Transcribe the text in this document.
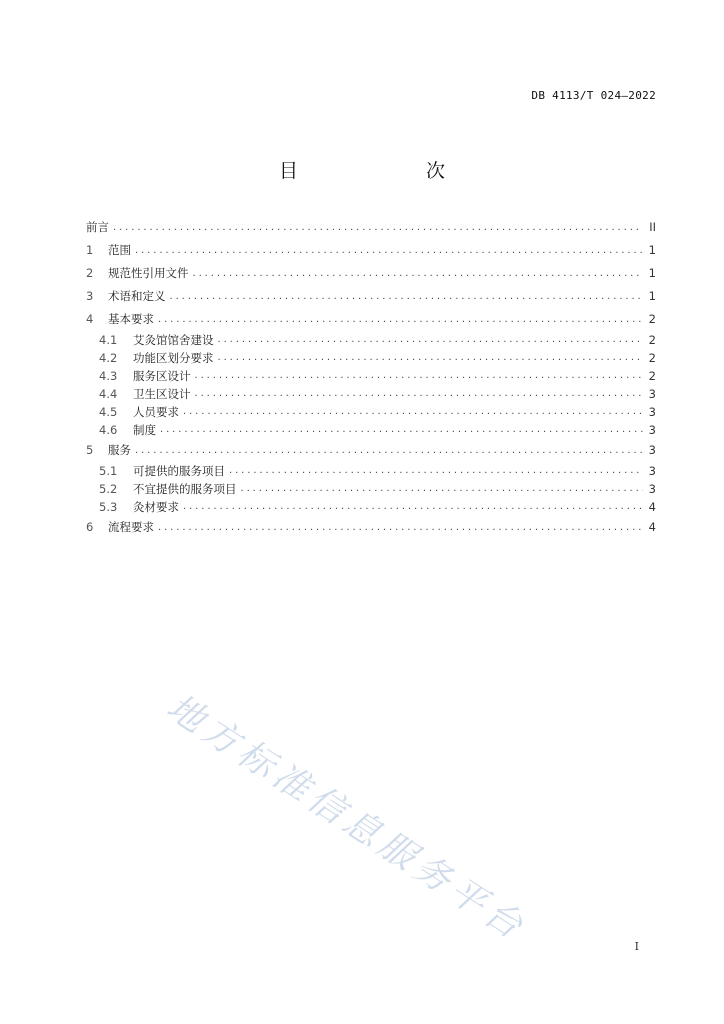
DB 4113/T 024—2022
目　　次
前言 .....	II
1	范围 .....	1
2	规范性引用文件 .....	1
3	术语和定义 .....	1
4	基本要求 .....	2
4.1	艾灸馆馆舍建设 .....	2
4.2	功能区划分要求 .....	2
4.3	服务区设计 .....	2
4.4	卫生区设计 .....	3
4.5	人员要求 .....	3
4.6	制度 .....	3
5	服务 .....	3
5.1	可提供的服务项目 .....	3
5.2	不宜提供的服务项目 .....	3
5.3	灸材要求 .....	4
6	流程要求 .....	4
地方标准信息服务平台	I
